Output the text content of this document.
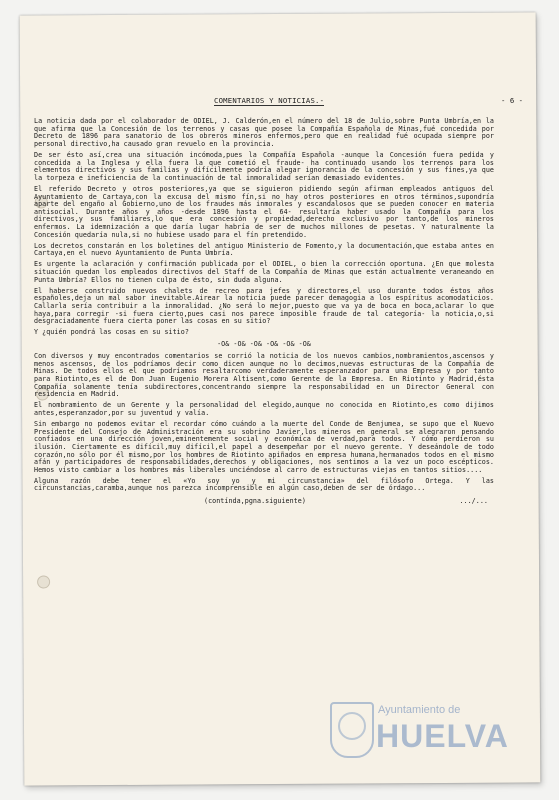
COMENTARIOS Y NOTICIAS.-	- 6 -

La noticia dada por el colaborador de ODIEL, J. Calderón,en el número del 18 de Julio,sobre Punta Umbría,en la que afirma que la Concesión de los terrenos y casas que posee la Compañía Española de Minas,fué concedida por Decreto de 1896 para sanatorio de los obreros mineros enfermos,pero que en realidad fué ocupada siempre por personal directivo,ha causado gran revuelo en la provincia.

De ser ésto así,crea una situación incómoda,pues la Compañía Española -aunque la Concesión fuera pedida y concedida a la Inglesa y ella fuera la que cometió el fraude- ha continuado usando los terrenos para los elementos directivos y sus familias y difícilmente podría alegar ignorancia de la concesión y sus fines,ya que la torpeza e ineficiencia de la continuación de tal inmoralidad serían demasiado evidentes.

El referido Decreto y otros posteriores,ya que se siguieron pidiendo según afirman empleados antiguos del Ayuntamiento de Cartaya,con la excusa del mismo fín,si no hay otros posteriores en otros términos,supondría aparte del engaño al Gobierno,uno de los fraudes más inmorales y escandalosos que se pueden conocer en materia antisocial. Durante años y años -desde 1896 hasta el 64- resultaría haber usado la Compañía para los directivos,y sus familiares,lo que era concesión y propiedad,derecho exclusivo por tanto,de los mineros enfermos. La idemnización a que daría lugar habría de ser de muchos millones de pesetas. Y naturalmente la Concesión quedaría nula,si no hubiese usado para el fín pretendido.

Los decretos constarán en los boletines del antiguo Ministerio de Fomento,y la documentación,que estaba antes en Cartaya,en el nuevo Ayuntamiento de Punta Umbría.

Es urgente la aclaración y confirmación publicada por el ODIEL, o bien la corrección oportuna. ¿En que molesta situación quedan los empleados directivos del Staff de la Compañía de Minas que están actualmente veraneando en Punta Umbría? Ellos no tienen culpa de ésto, sin duda alguna.

El haberse construido nuevos chalets de recreo para jefes y directores,el uso durante todos éstos años españoles,deja un mal sabor inevitable.Airear la noticia puede parecer demagogia a los espíritus acomodaticios. Callarla sería contribuir a la inmoralidad. ¿No será lo mejor,puesto que va ya de boca en boca,aclarar lo que haya,para corregir -si fuera cierto,pues casi nos parece imposible fraude de tal categoría- la noticia,o,si desgraciadamente fuera cierta poner las cosas en su sitio?

Y ¿quién pondrá las cosas en su sitio?

-O& -O& -O& -O& -O& -O&

Con diversos y muy encontrados comentarios se corrió la noticia de los nuevos cambios,nombramientos,ascensos y menos ascensos, de los podríamos decir como dicen aunque no lo decimos,nuevas estructuras de la Compañía de Minas. De todos ellos el que podríamos resaltarcomo verdaderamente esperanzador para una Empresa y por tanto para Riotinto,es el de Don Juan Eugenio Morera Altisent,como Gerente de la Empresa. En Riotinto y Madrid,ésta Compañía solamente tenía subdirectores,concentrando siempre la responsabilidad en un Director General con residencia en Madrid.

El nombramiento de un Gerente y la personalidad del elegido,aunque no conocida en Riotinto,es como dijimos antes,esperanzador,por su juventud y valía.

Sin embargo no podemos evitar el recordar cómo cuándo a la muerte del Conde de Benjumea, se supo que el Nuevo Presidente del Consejo de Administración era su sobrino Javier,los mineros en general se alegraron pensando confiados en una dirección joven,eminentemente social y económica de verdad,para todos. Y cómo perdieron su ilusión. Ciertamente es difícil,muy difícil,el papel a desempeñar por el nuevo gerente. Y deseándole de todo corazón,no sólo por él mismo,por los hombres de Riotinto apiñados en empresa humana,hermanados todos en el mismo afán y participadores de responsabilidades,derechos y obligaciones, nos sentimos a la vez un poco escépticos. Hemos visto cambiar a los hombres más liberales unciéndose al carro de estructuras viejas en tantos sitios....

Alguna razón debe tener el «Yo soy yo y mi circunstancia» del filósofo Ortega. Y las circunstancias,caramba,aunque nos parezca incomprensible en algún caso,deben de ser de órdago...

(contínda,pgna.siguiente)	.../...
Ayuntamiento de
HUELVA
